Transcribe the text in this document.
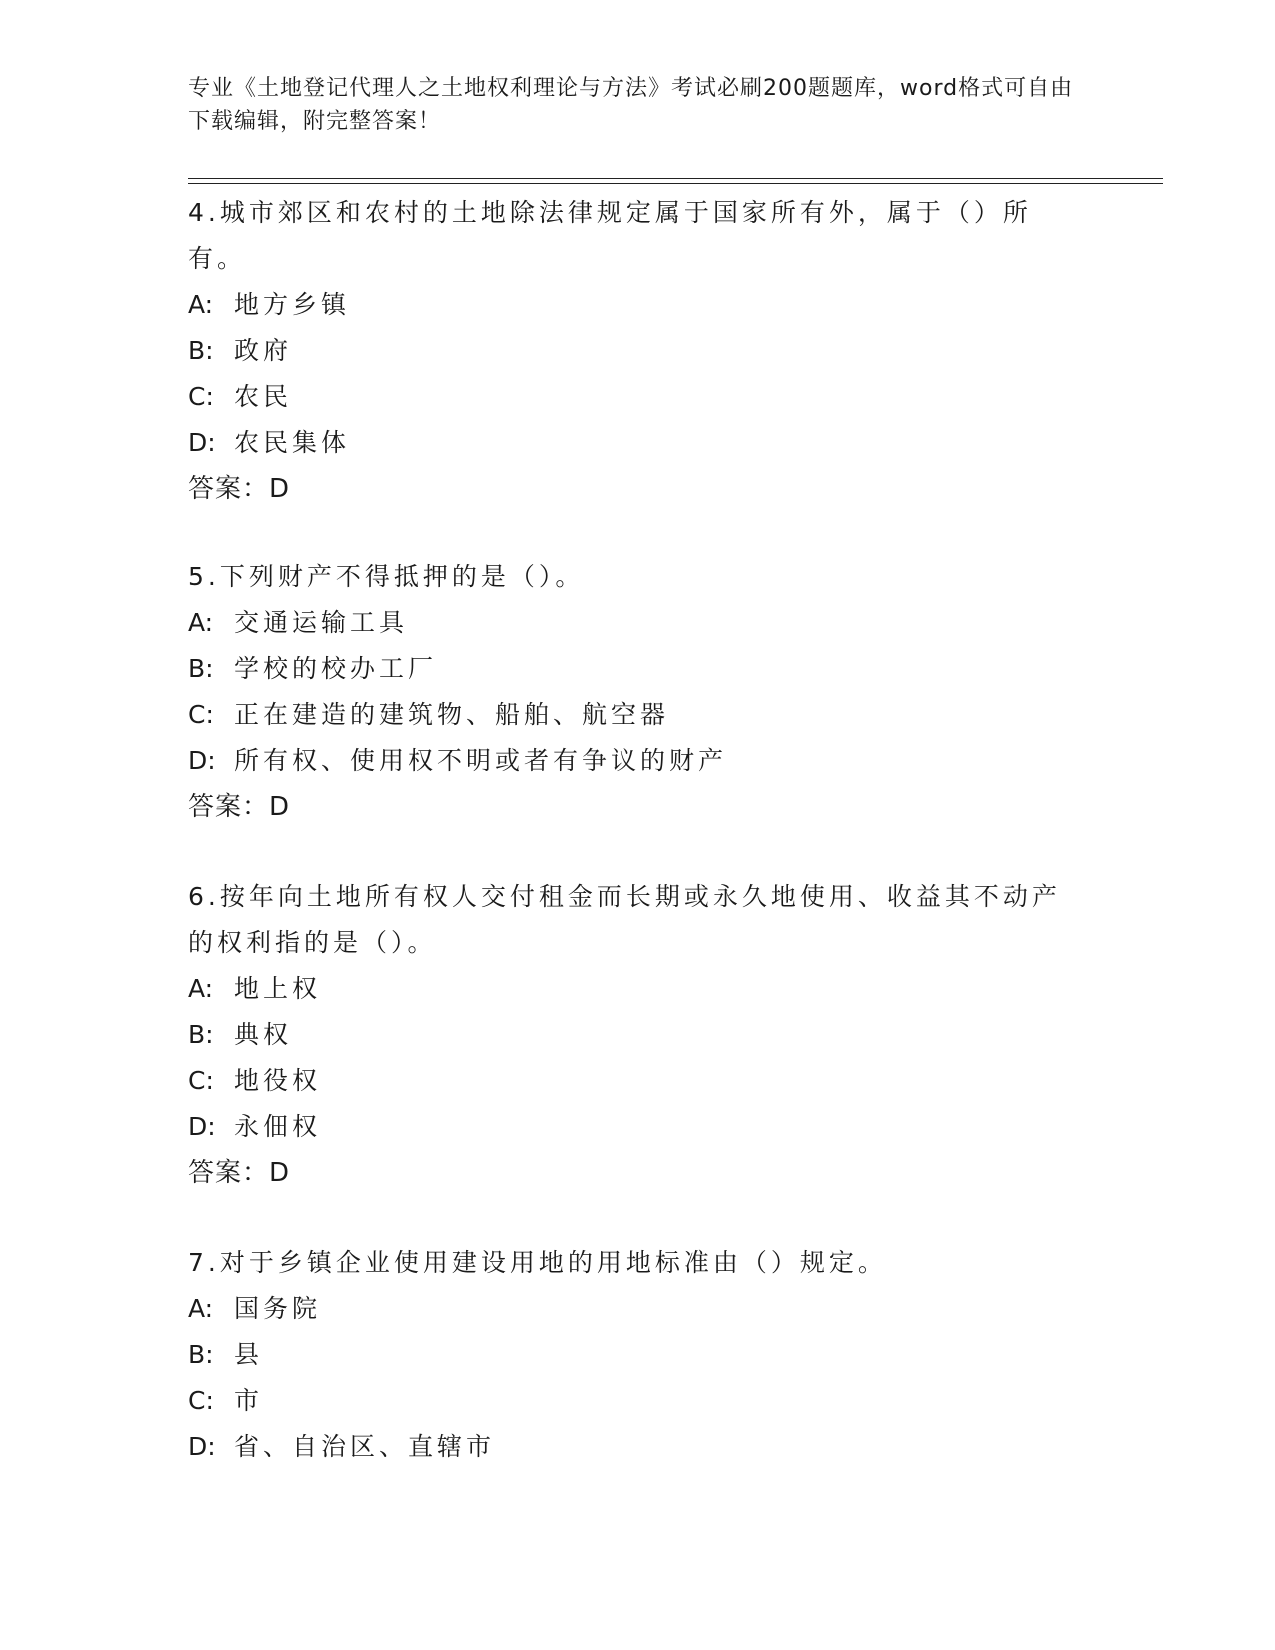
专业《土地登记代理人之土地权利理论与方法》考试必刷200题题库，word格式可自由下载编辑，附完整答案！
4.城市郊区和农村的土地除法律规定属于国家所有外，属于（）所有。
A: 地方乡镇
B: 政府
C: 农民
D: 农民集体
答案：D
5.下列财产不得抵押的是（）。
A: 交通运输工具
B: 学校的校办工厂
C: 正在建造的建筑物、船舶、航空器
D: 所有权、使用权不明或者有争议的财产
答案：D
6.按年向土地所有权人交付租金而长期或永久地使用、收益其不动产的权利指的是（）。
A: 地上权
B: 典权
C: 地役权
D: 永佃权
答案：D
7.对于乡镇企业使用建设用地的用地标准由（）规定。
A: 国务院
B: 县
C: 市
D: 省、自治区、直辖市
